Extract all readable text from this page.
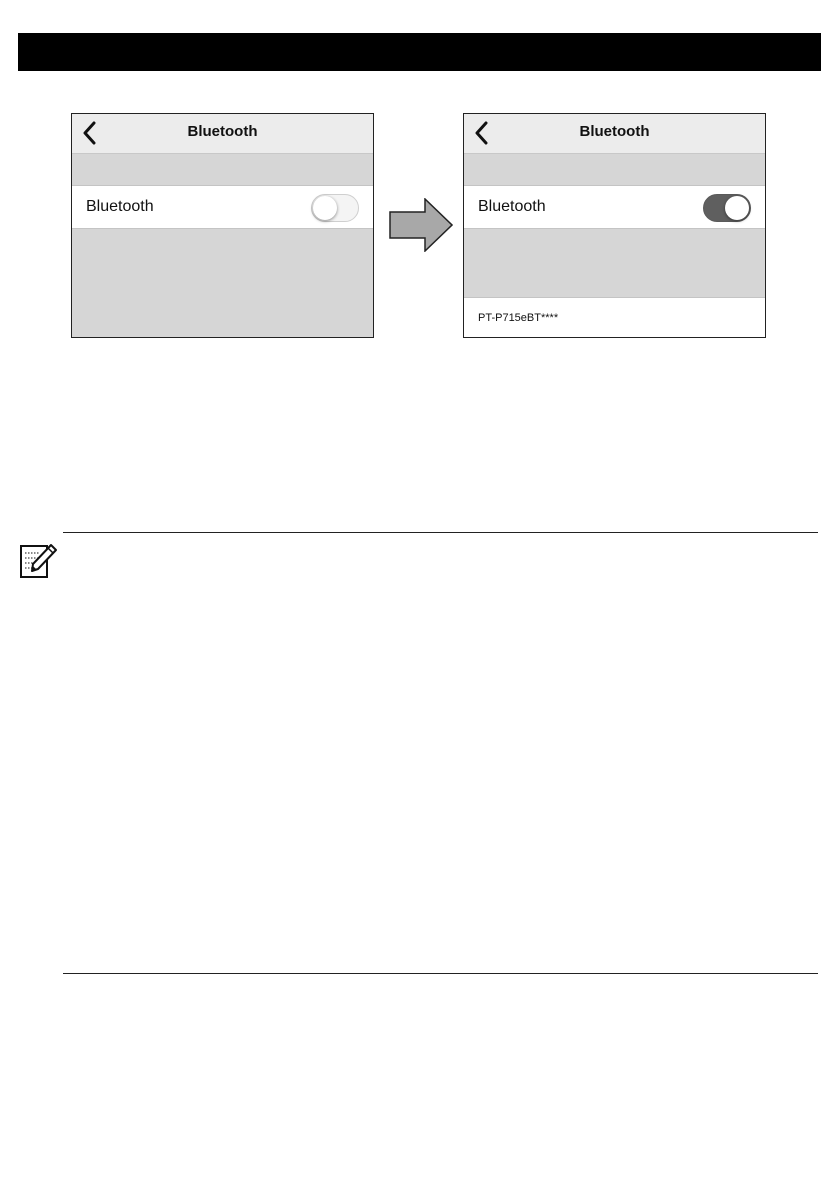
Bluetooth
Bluetooth
Bluetooth
Bluetooth
PT-P715eBT****
